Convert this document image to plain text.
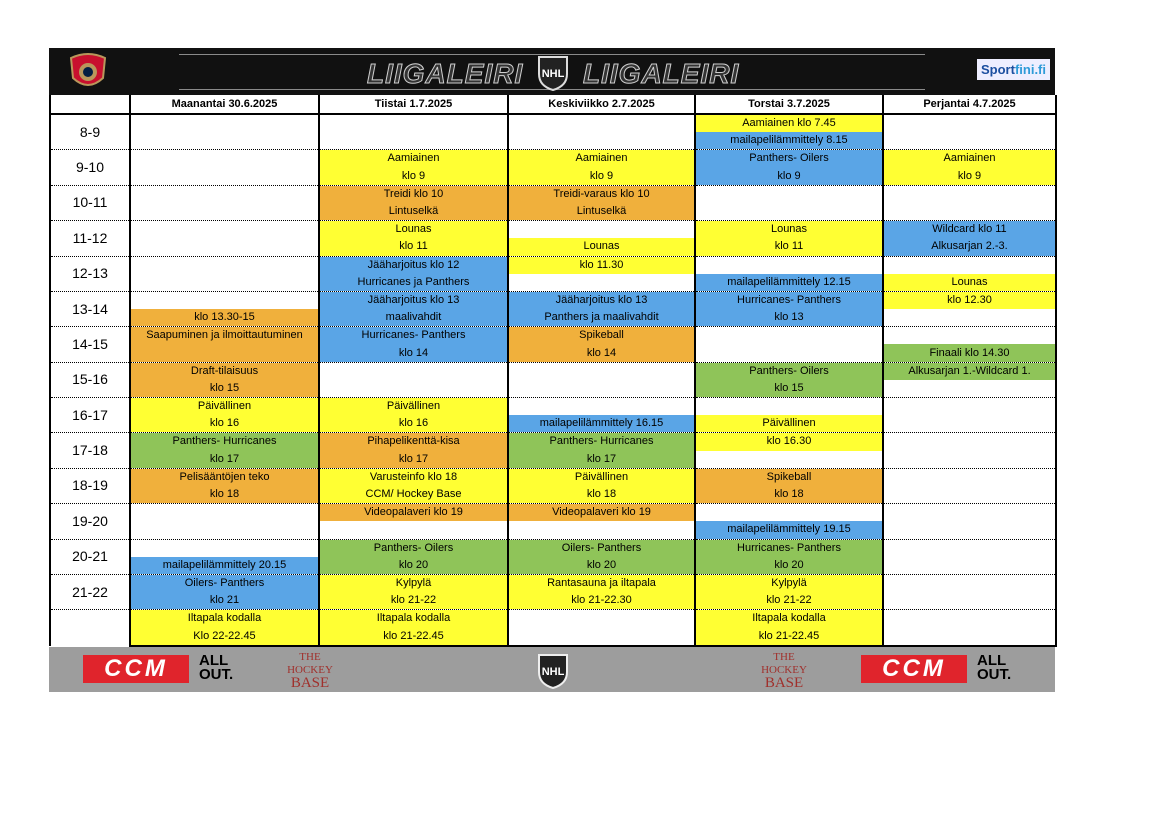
LIIGALEIRI NHL LIIGALEIRI	Sportfini.fi
	Maanantai 30.6.2025	Tiistai 1.7.2025	Keskiviikko 2.7.2025	Torstai 3.7.2025	Perjantai 4.7.2025
8-9				Aamiainen klo 7.45	
				mailapelilämmittely 8.15	
9-10		Aamiainen	Aamiainen	Panthers- Oilers	Aamiainen
		klo 9	klo 9	klo 9	klo 9
10-11		Treidi klo 10	Treidi-varaus klo 10		
		Lintuselkä	Lintuselkä		
11-12		Lounas		Lounas	Wildcard klo 11
		klo 11	Lounas	klo 11	Alkusarjan 2.-3.
12-13		Jääharjoitus klo 12	klo 11.30		
		Hurricanes ja Panthers		mailapelilämmittely 12.15	Lounas
13-14		Jääharjoitus klo 13	Jääharjoitus klo 13	Hurricanes- Panthers	klo 12.30
	klo 13.30-15	maalivahdit	Panthers ja maalivahdit	klo 13	
14-15	Saapuminen ja ilmoittautuminen	Hurricanes- Panthers	Spikeball		
		klo 14	klo 14		Finaali klo 14.30
15-16	Draft-tilaisuus			Panthers- Oilers	Alkusarjan 1.-Wildcard 1.
	klo 15			klo 15	
16-17	Päivällinen	Päivällinen			
	klo 16	klo 16	mailapelilämmittely 16.15	Päivällinen	
17-18	Panthers- Hurricanes	Pihapelikenttä-kisa	Panthers- Hurricanes	klo 16.30	
	klo 17	klo 17	klo 17		
18-19	Pelisääntöjen teko	Varusteinfo klo 18	Päivällinen	Spikeball	
	klo 18	CCM/ Hockey Base	klo 18	klo 18	
19-20		Videopalaveri klo 19	Videopalaveri klo 19		
				mailapelilämmittely 19.15	
20-21		Panthers- Oilers	Oilers- Panthers	Hurricanes- Panthers	
	mailapelilämmittely 20.15	klo 20	klo 20	klo 20	
21-22	Oilers- Panthers	Kylpylä	Rantasauna ja iltapala	Kylpylä	
	klo 21	klo 21-22	klo 21-22.30	klo 21-22	
	Iltapala kodalla	Iltapala kodalla		Iltapala kodalla	
	Klo 22-22.45	klo 21-22.45		klo 21-22.45	
CCM	ALL
OUT.
THE
HOCKEY
BASE
NHL
THE
HOCKEY
BASE
CCM	ALL
OUT.
